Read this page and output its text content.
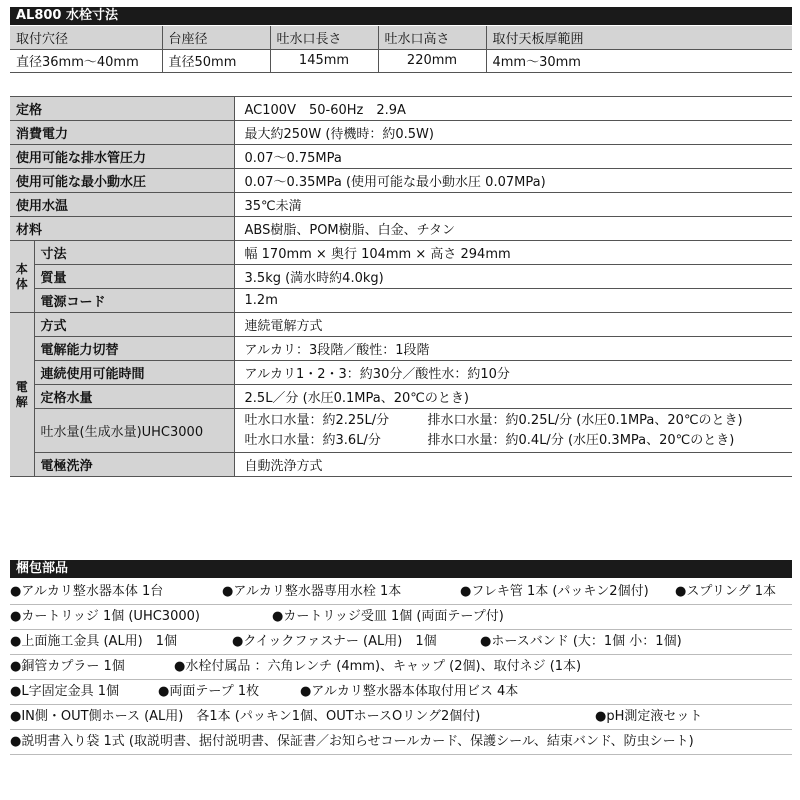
AL800 水栓寸法
取付穴径	台座径	吐水口長さ	吐水口高さ	取付天板厚範囲
直径36mm～40mm	直径50mm	145mm	220mm	4mm～30mm
定格		AC100V　50-60Hz　2.9A
消費電力		最大約250W (待機時：約0.5W)
使用可能な排水管圧力		0.07～0.75MPa
使用可能な最小動水圧		0.07～0.35MPa (使用可能な最小動水圧 0.07MPa)
使用水温		35℃未満
材料		ABS樹脂、POM樹脂、白金、チタン
本体	寸法	幅 170mm × 奥行 104mm × 高さ 294mm
	質量	3.5kg (満水時約4.0kg)
	電源コード	1.2m
電解	方式	連続電解方式
	電解能力切替	アルカリ：3段階／酸性：1段階
	連続使用可能時間	アルカリ1・2・3：約30分／酸性水：約10分
	定格水量	2.5L／分 (水圧0.1MPa、20℃のとき)
	吐水量(生成水量)UHC3000	吐水口水量：約2.25L/分 排水口水量：約0.25L/分 (水圧0.1MPa、20℃のとき)
吐水口水量：約3.6L/分 排水口水量：約0.4L/分 (水圧0.3MPa、20℃のとき)

	電極洗浄	自動洗浄方式
梱包部品
●アルカリ整水器本体 1台	●アルカリ整水器専用水栓 1本	●フレキ管 1本 (パッキン2個付) ●スプリング 1本
●カートリッジ 1個 (UHC3000)	●カートリッジ受皿 1個 (両面テープ付)
●上面施工金具 (AL用)　1個	●クイックファスナー (AL用)　1個	●ホースバンド (大：1個 小：1個)
●銅管カプラー 1個	●水栓付属品 ：六角レンチ (4mm)、キャップ (2個)、取付ネジ (1本)
●L字固定金具 1個	●両面テープ 1枚	●アルカリ整水器本体取付用ビス 4本
●IN側・OUT側ホース (AL用)　各1本 (パッキン1個、OUTホースOリング2個付)	●pH測定液セット
●説明書入り袋 1式 (取説明書、据付説明書、保証書／お知らせコールカード、保護シール、結束バンド、防虫シート)
